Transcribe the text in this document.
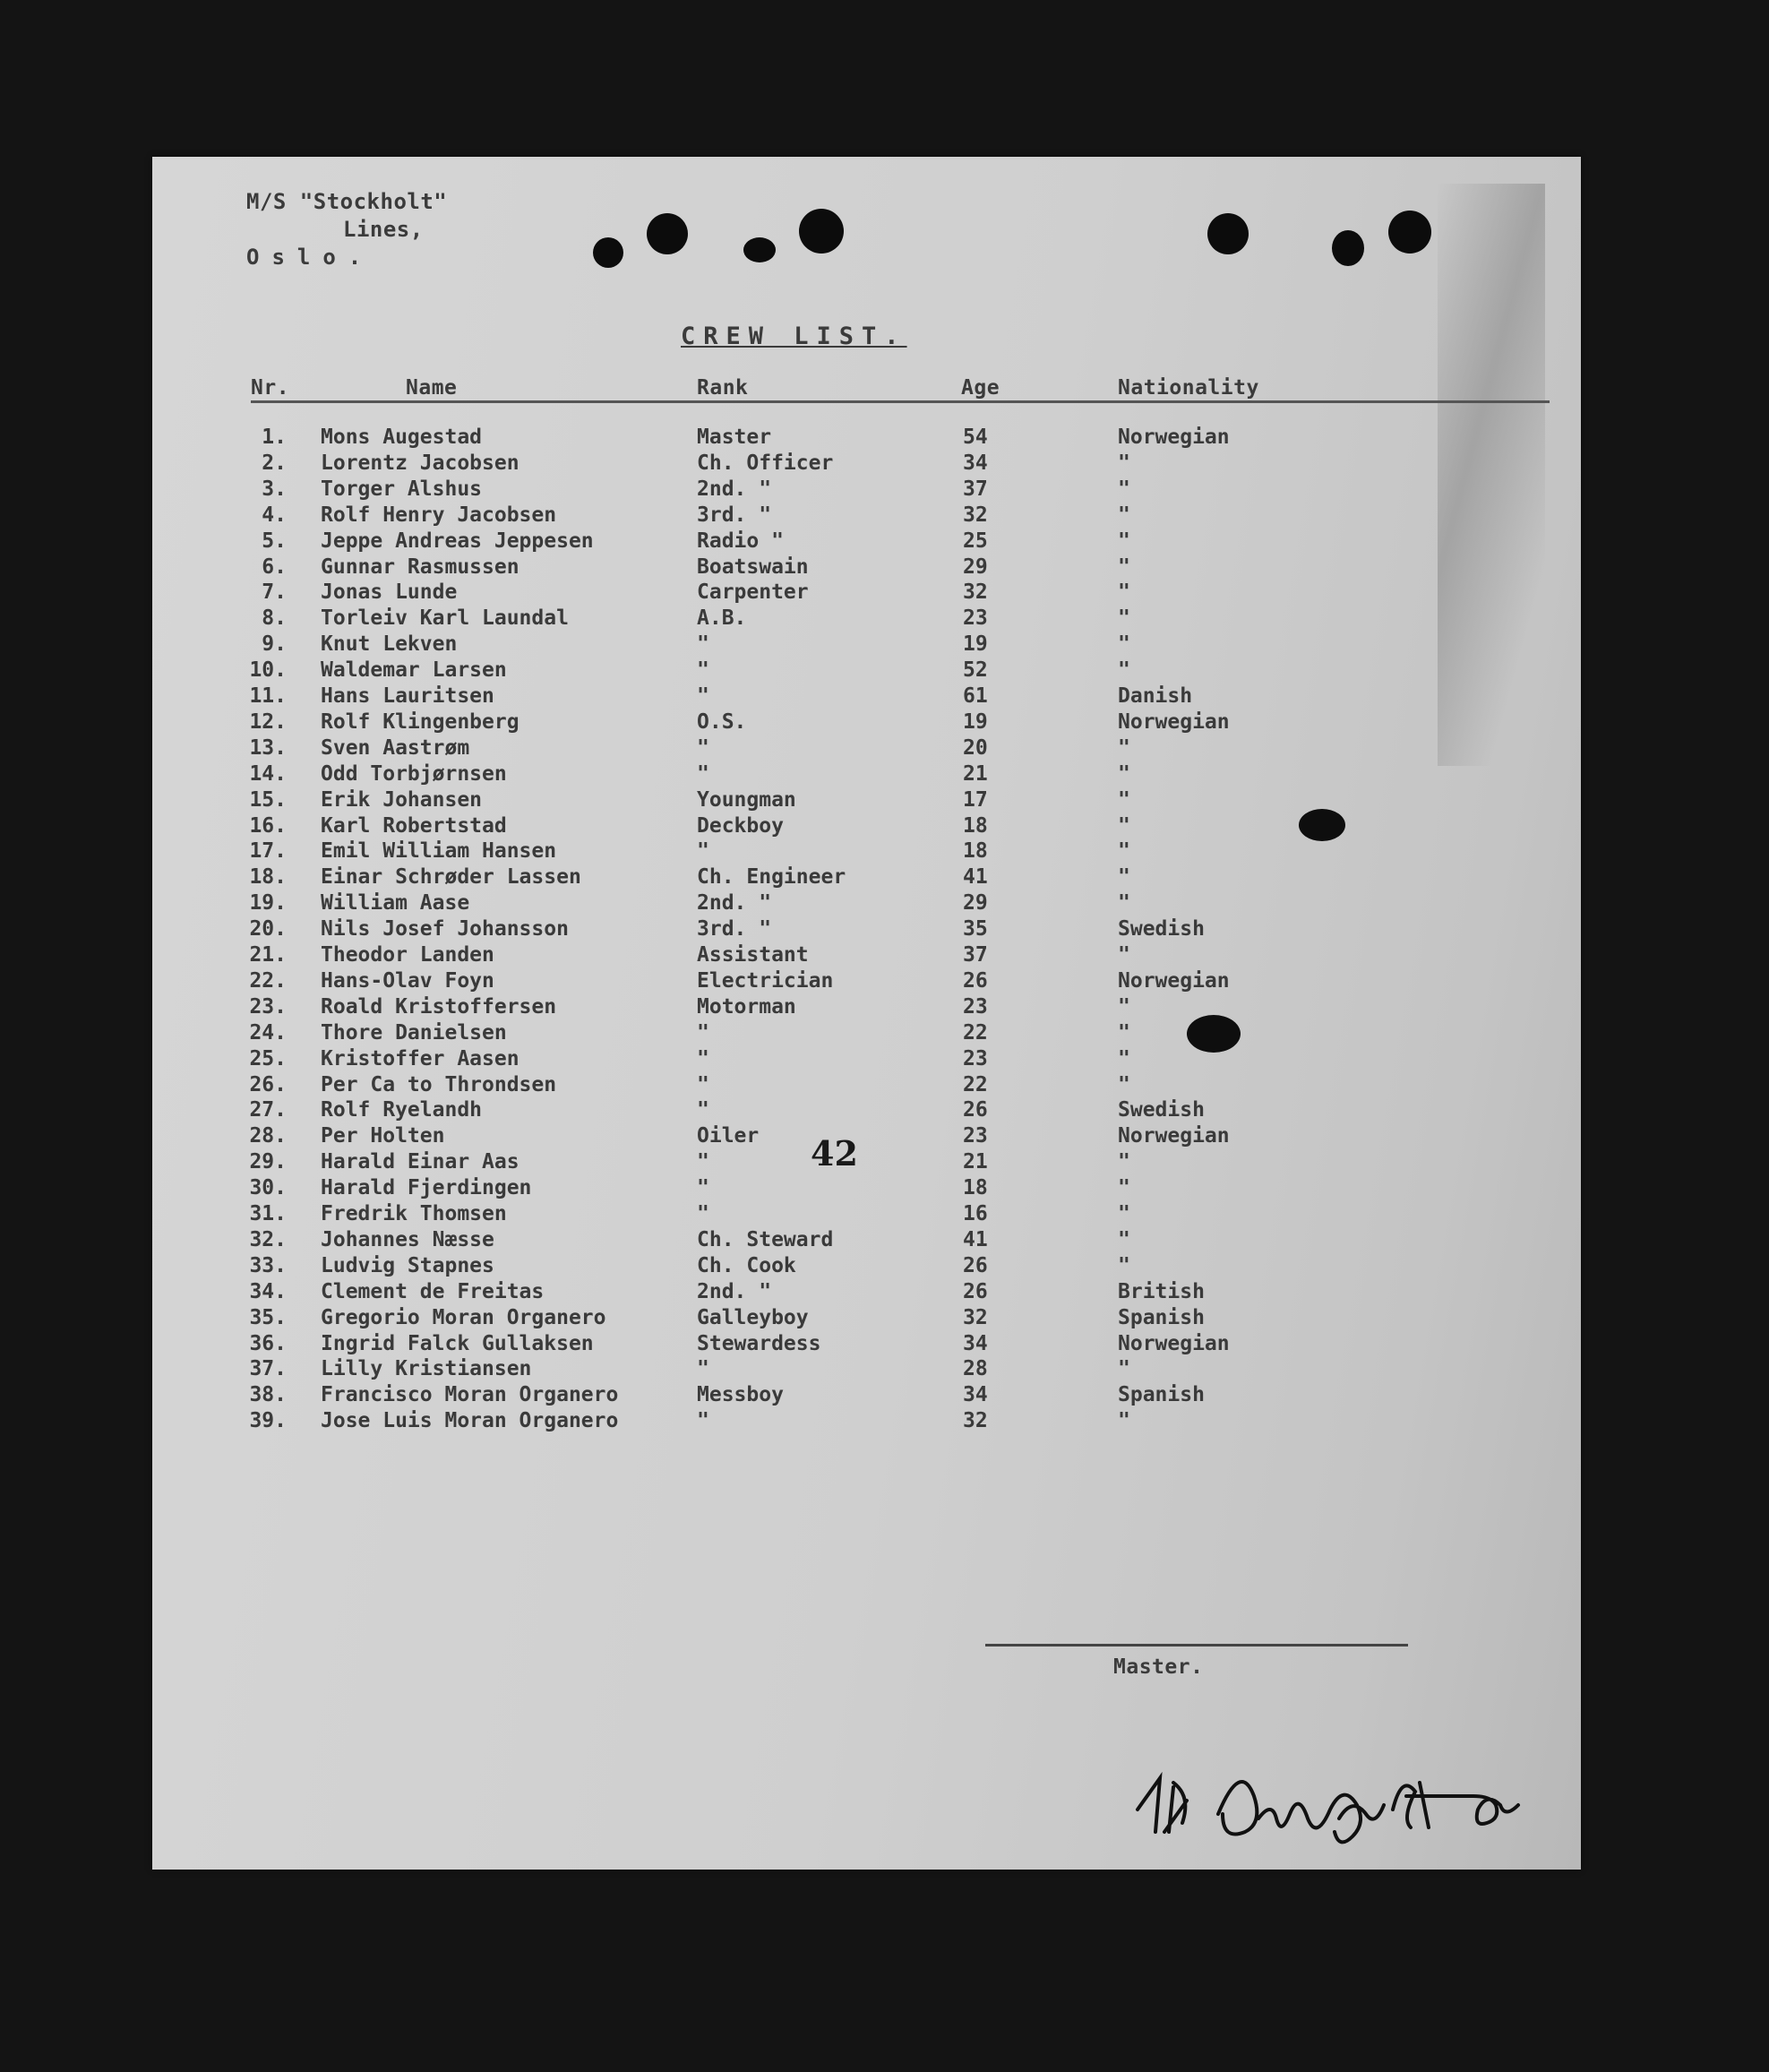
M/S "Stockholt"
Lines,
Oslo.
CREW LIST.
Nr.	Name	Rank	Age	Nationality
1. Mons Augestad	Master	54	Norwegian
2. Lorentz Jacobsen	Ch. Officer	34	"
3. Torger Alshus	2nd. "	37	"
4. Rolf Henry Jacobsen	3rd. "	32	"
5. Jeppe Andreas Jeppesen	Radio "	25	"
6. Gunnar Rasmussen	Boatswain	29	"
7. Jonas Lunde	Carpenter	32	"
8. Torleiv Karl Laundal	A.B.	23	"
9. Knut Lekven	"	19	"
10. Waldemar Larsen	"	52	"
11. Hans Lauritsen	"	61	Danish
12. Rolf Klingenberg	O.S.	19	Norwegian
13. Sven Aastrøm	"	20	"
14. Odd Torbjørnsen	"	21	"
15. Erik Johansen	Youngman	17	"
16. Karl Robertstad	Deckboy	18	"
17. Emil William Hansen	"	18	"
18. Einar Schrøder Lassen	Ch. Engineer	41	"
19. William Aase	2nd. "	29	"
20. Nils Josef Johansson	3rd. "	35	Swedish
21. Theodor Landen	Assistant	37	"
22. Hans-Olav Foyn	Electrician	26	Norwegian
23. Roald Kristoffersen	Motorman	23	"
24. Thore Danielsen	"	22	"
25. Kristoffer Aasen	"	23	"
26. Per Ca to Throndsen	"	22	"
27. Rolf Ryelandh	"	26	Swedish
28. Per Holten	Oiler	23	Norwegian
29. Harald Einar Aas	"	21	"
30. Harald Fjerdingen	"	18	"
31. Fredrik Thomsen	"	16	"
32. Johannes Næsse	Ch. Steward	41	"
33. Ludvig Stapnes	Ch. Cook	26	"
34. Clement de Freitas	2nd. "	26	British
35. Gregorio Moran Organero	Galleyboy	32	Spanish
36. Ingrid Falck Gullaksen	Stewardess	34	Norwegian
37. Lilly Kristiansen	"	28	"
38. Francisco Moran Organero	Messboy	34	Spanish
39. Jose Luis Moran Organero	"	32	"
42
Master.
